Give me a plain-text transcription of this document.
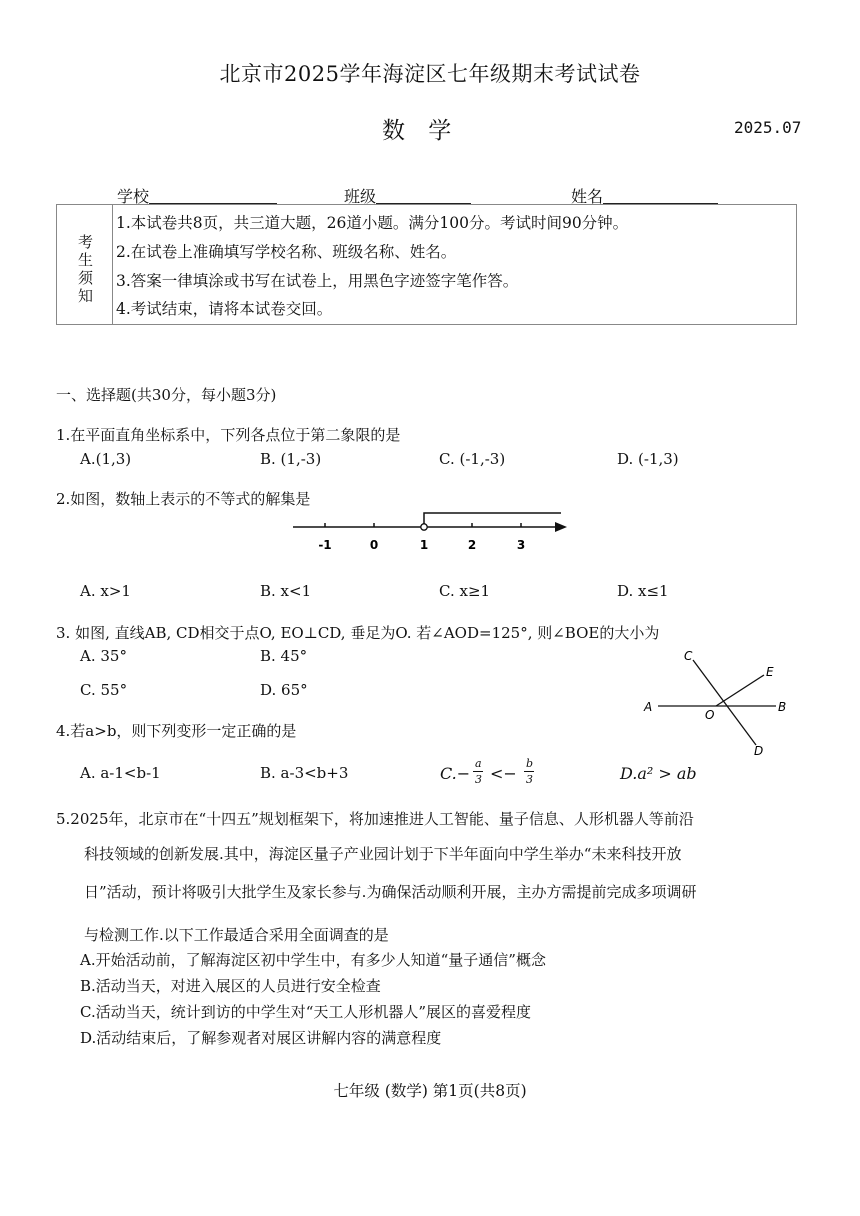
北京市2025学年海淀区七年级期末考试试卷
数 学	2025.07
学校	班级	姓名
考
生
须
知
1.本试卷共8页，共三道大题，26道小题。满分100分。考试时间90分钟。
2.在试卷上准确填写学校名称、班级名称、姓名。
3.答案一律填涂或书写在试卷上，用黑色字迹签字笔作答。
4.考试结束，请将本试卷交回。
一、选择题(共30分，每小题3分)
1.在平面直角坐标系中，下列各点位于第二象限的是
A.(1,3)	B. (1,-3)	C. (-1,-3)	D. (-1,3)
2.如图，数轴上表示的不等式的解集是
-1	0	1	2	3
A. x>1	B. x<1	C. x≥1	D. x≤1
3. 如图, 直线AB, CD相交于点O, EO⊥CD, 垂足为O. 若∠AOD=125°, 则∠BOE的大小为
A. 35°	B. 45°
C. 55°	D. 65°
A	B
C
D
E
O
4.若a>b，则下列变形一定正确的是
A. a-1<b-1	B. a-3<b+3	C.−
a
3 <−
b
3	D.a² > ab
5.2025年，北京市在“十四五”规划框架下，将加速推进人工智能、量子信息、人形机器人等前沿
科技领域的创新发展.其中，海淀区量子产业园计划于下半年面向中学生举办“未来科技开放
日”活动，预计将吸引大批学生及家长参与.为确保活动顺利开展，主办方需提前完成多项调研
与检测工作.以下工作最适合采用全面调查的是
A.开始活动前，了解海淀区初中学生中，有多少人知道“量子通信”概念
B.活动当天，对进入展区的人员进行安全检查
C.活动当天，统计到访的中学生对“天工人形机器人”展区的喜爱程度
D.活动结束后，了解参观者对展区讲解内容的满意程度
七年级 (数学) 第1页(共8页)
